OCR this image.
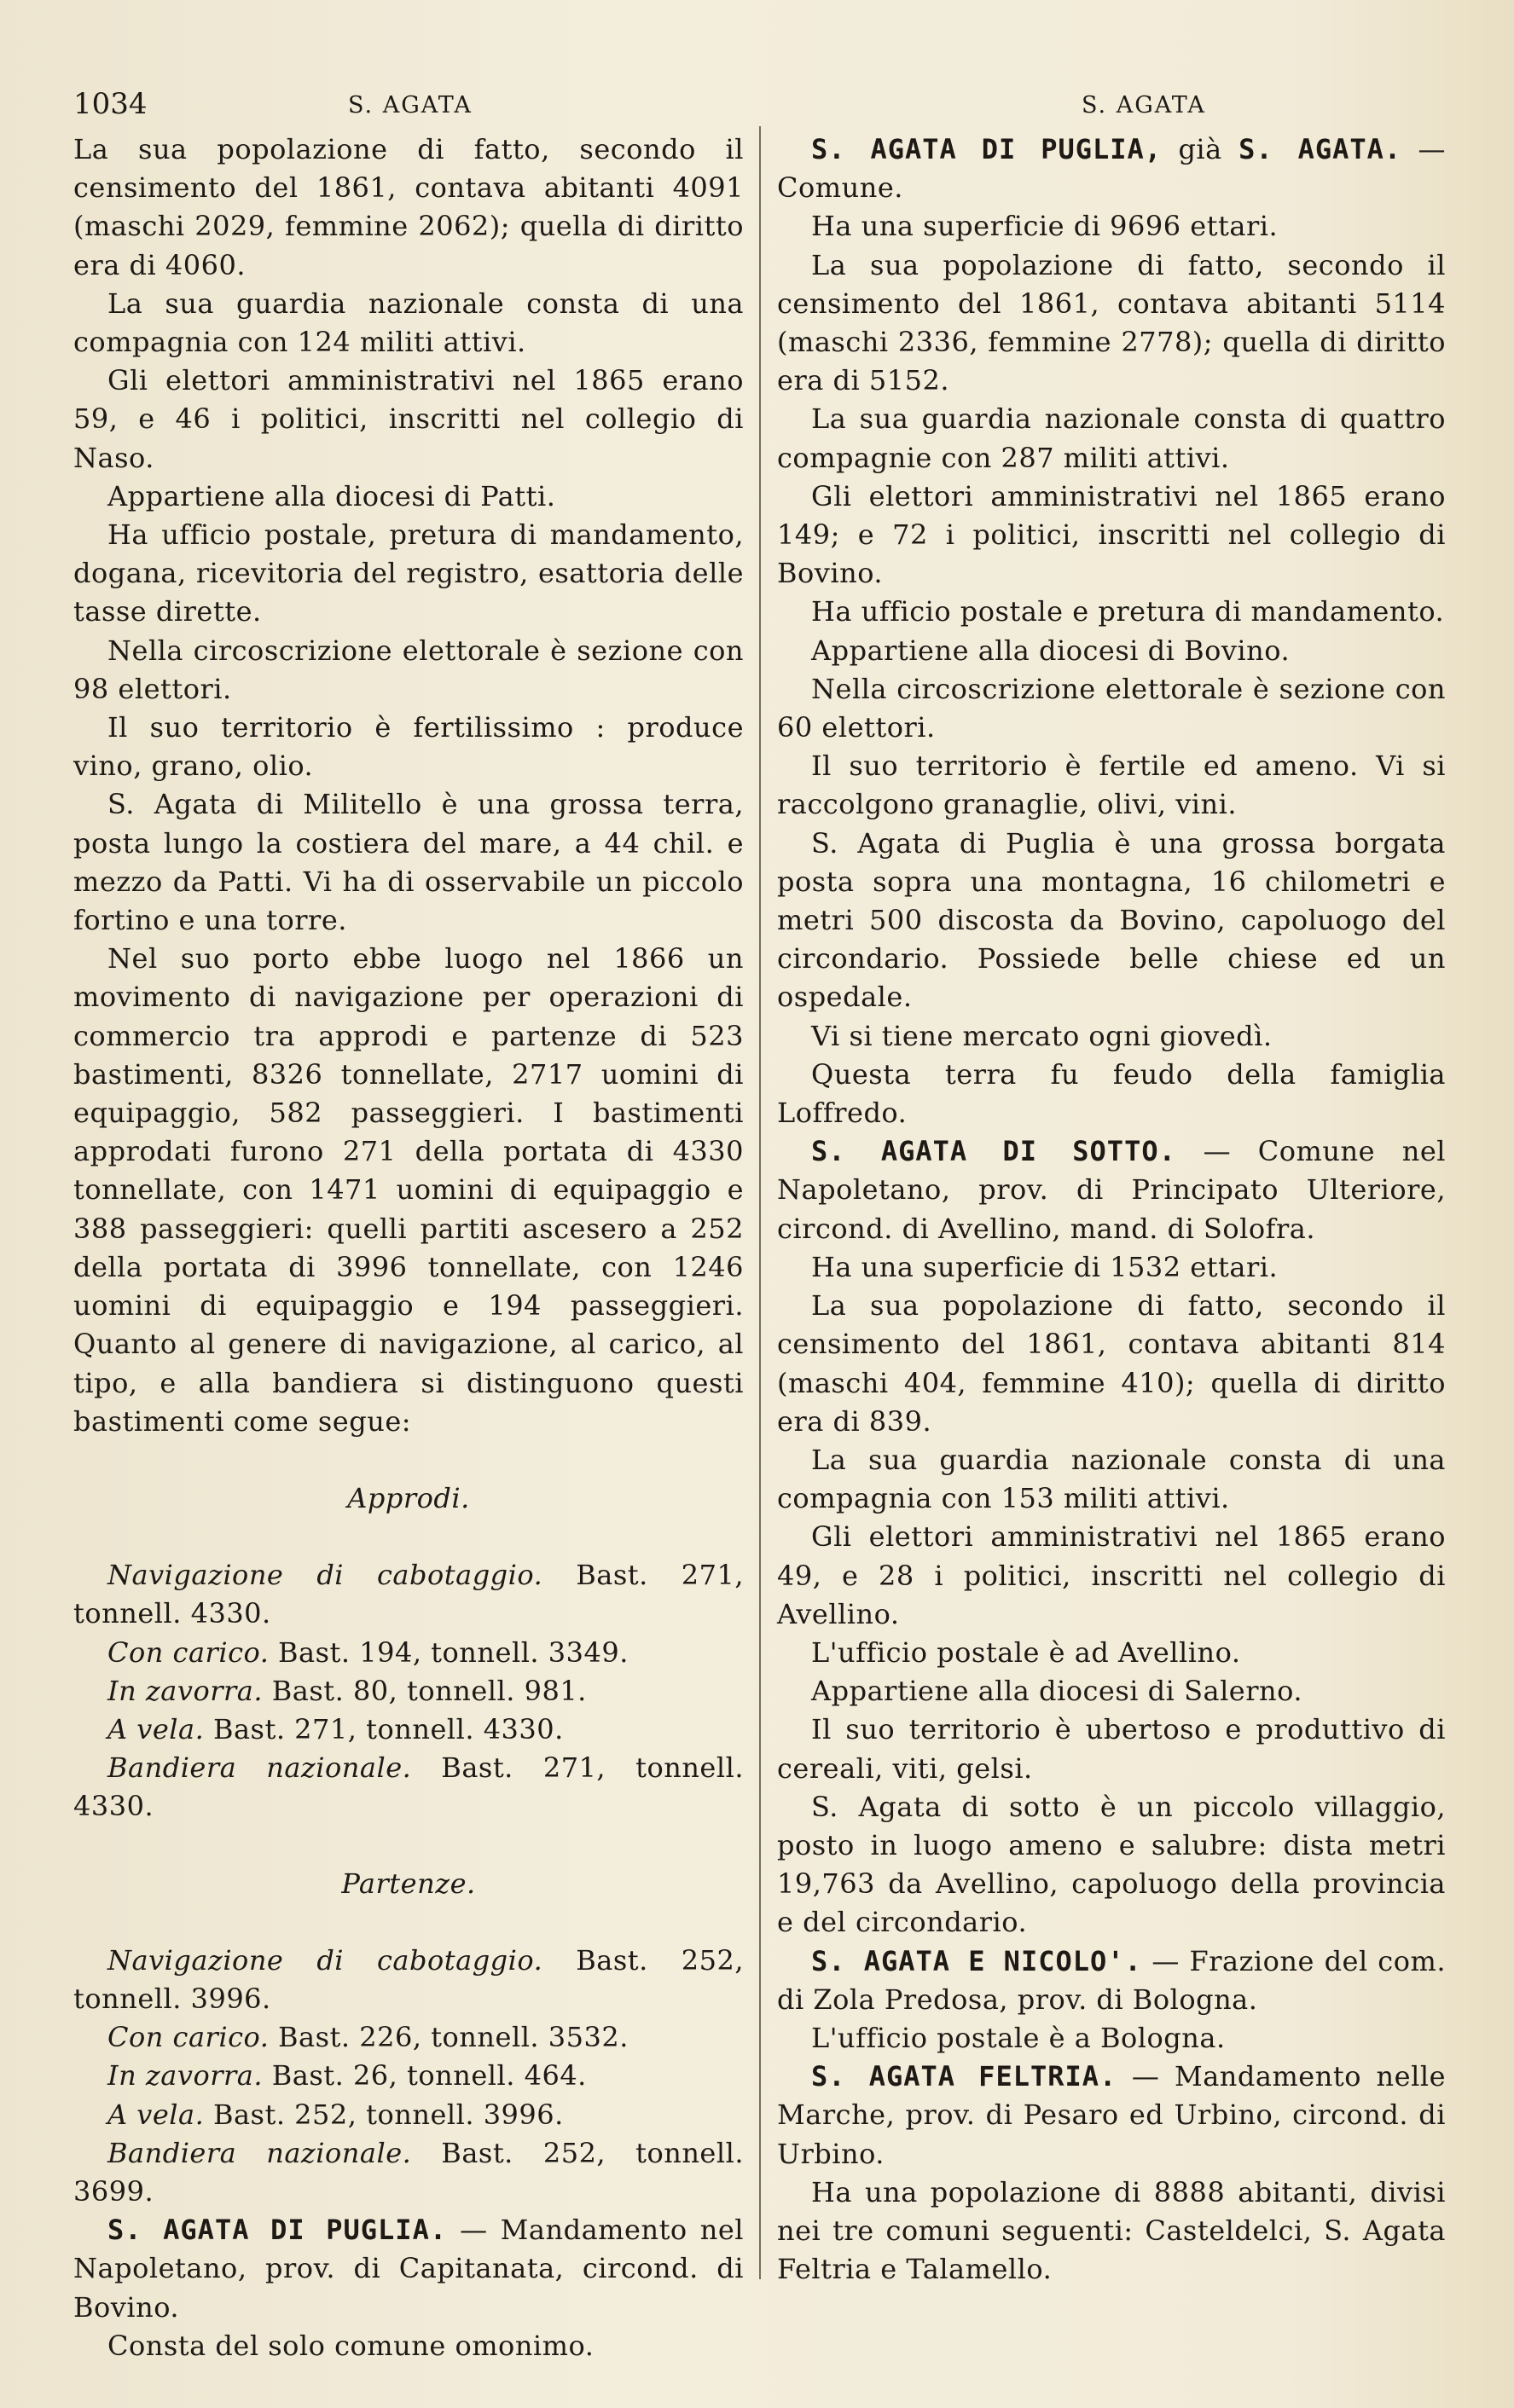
1034	S. AGATA	S. AGATA

La sua popolazione di fatto, secondo il censimento del 1861, contava abitanti 4091 (maschi 2029, femmine 2062); quella di diritto era di 4060.

La sua guardia nazionale consta di una compagnia con 124 militi attivi.

Gli elettori amministrativi nel 1865 erano 59, e 46 i politici, inscritti nel collegio di Naso.

Appartiene alla diocesi di Patti.

Ha ufficio postale, pretura di mandamento, dogana, ricevitoria del registro, esattoria delle tasse dirette.

Nella circoscrizione elettorale è sezione con 98 elettori.

Il suo territorio è fertilissimo : produce vino, grano, olio.

S. Agata di Militello è una grossa terra, posta lungo la costiera del mare, a 44 chil. e mezzo da Patti. Vi ha di osservabile un piccolo fortino e una torre.

Nel suo porto ebbe luogo nel 1866 un movimento di navigazione per operazioni di commercio tra approdi e partenze di 523 bastimenti, 8326 tonnellate, 2717 uomini di equipaggio, 582 passeggieri. I bastimenti approdati furono 271 della portata di 4330 tonnellate, con 1471 uomini di equipaggio e 388 passeggieri: quelli partiti ascesero a 252 della portata di 3996 tonnellate, con 1246 uomini di equipaggio e 194 passeggieri. Quanto al genere di navigazione, al carico, al tipo, e alla bandiera si distinguono questi bastimenti come segue:

Approdi.

Navigazione di cabotaggio. Bast. 271, tonnell. 4330.

Con carico. Bast. 194, tonnell. 3349.

In zavorra. Bast. 80, tonnell. 981.

A vela. Bast. 271, tonnell. 4330.

Bandiera nazionale. Bast. 271, tonnell. 4330.

Partenze.

Navigazione di cabotaggio. Bast. 252, tonnell. 3996.

Con carico. Bast. 226, tonnell. 3532.

In zavorra. Bast. 26, tonnell. 464.

A vela. Bast. 252, tonnell. 3996.

Bandiera nazionale. Bast. 252, tonnell. 3699.

S. AGATA DI PUGLIA. — Mandamento nel Napoletano, prov. di Capitanata, circond. di Bovino.

Consta del solo comune omonimo.

S. AGATA DI PUGLIA, già S. AGATA. — Comune.

Ha una superficie di 9696 ettari.

La sua popolazione di fatto, secondo il censimento del 1861, contava abitanti 5114 (maschi 2336, femmine 2778); quella di diritto era di 5152.

La sua guardia nazionale consta di quattro compagnie con 287 militi attivi.

Gli elettori amministrativi nel 1865 erano 149; e 72 i politici, inscritti nel collegio di Bovino.

Ha ufficio postale e pretura di mandamento.

Appartiene alla diocesi di Bovino.

Nella circoscrizione elettorale è sezione con 60 elettori.

Il suo territorio è fertile ed ameno. Vi si raccolgono granaglie, olivi, vini.

S. Agata di Puglia è una grossa borgata posta sopra una montagna, 16 chilometri e metri 500 discosta da Bovino, capoluogo del circondario. Possiede belle chiese ed un ospedale.

Vi si tiene mercato ogni giovedì.

Questa terra fu feudo della famiglia Loffredo.

S. AGATA DI SOTTO. — Comune nel Napoletano, prov. di Principato Ulteriore, circond. di Avellino, mand. di Solofra.

Ha una superficie di 1532 ettari.

La sua popolazione di fatto, secondo il censimento del 1861, contava abitanti 814 (maschi 404, femmine 410); quella di diritto era di 839.

La sua guardia nazionale consta di una compagnia con 153 militi attivi.

Gli elettori amministrativi nel 1865 erano 49, e 28 i politici, inscritti nel collegio di Avellino.

L'ufficio postale è ad Avellino.

Appartiene alla diocesi di Salerno.

Il suo territorio è ubertoso e produttivo di cereali, viti, gelsi.

S. Agata di sotto è un piccolo villaggio, posto in luogo ameno e salubre: dista metri 19,763 da Avellino, capoluogo della provincia e del circondario.

S. AGATA E NICOLO'. — Frazione del com. di Zola Predosa, prov. di Bologna.

L'ufficio postale è a Bologna.

S. AGATA FELTRIA. — Mandamento nelle Marche, prov. di Pesaro ed Urbino, circond. di Urbino.

Ha una popolazione di 8888 abitanti, divisi nei tre comuni seguenti: Casteldelci, S. Agata Feltria e Talamello.
